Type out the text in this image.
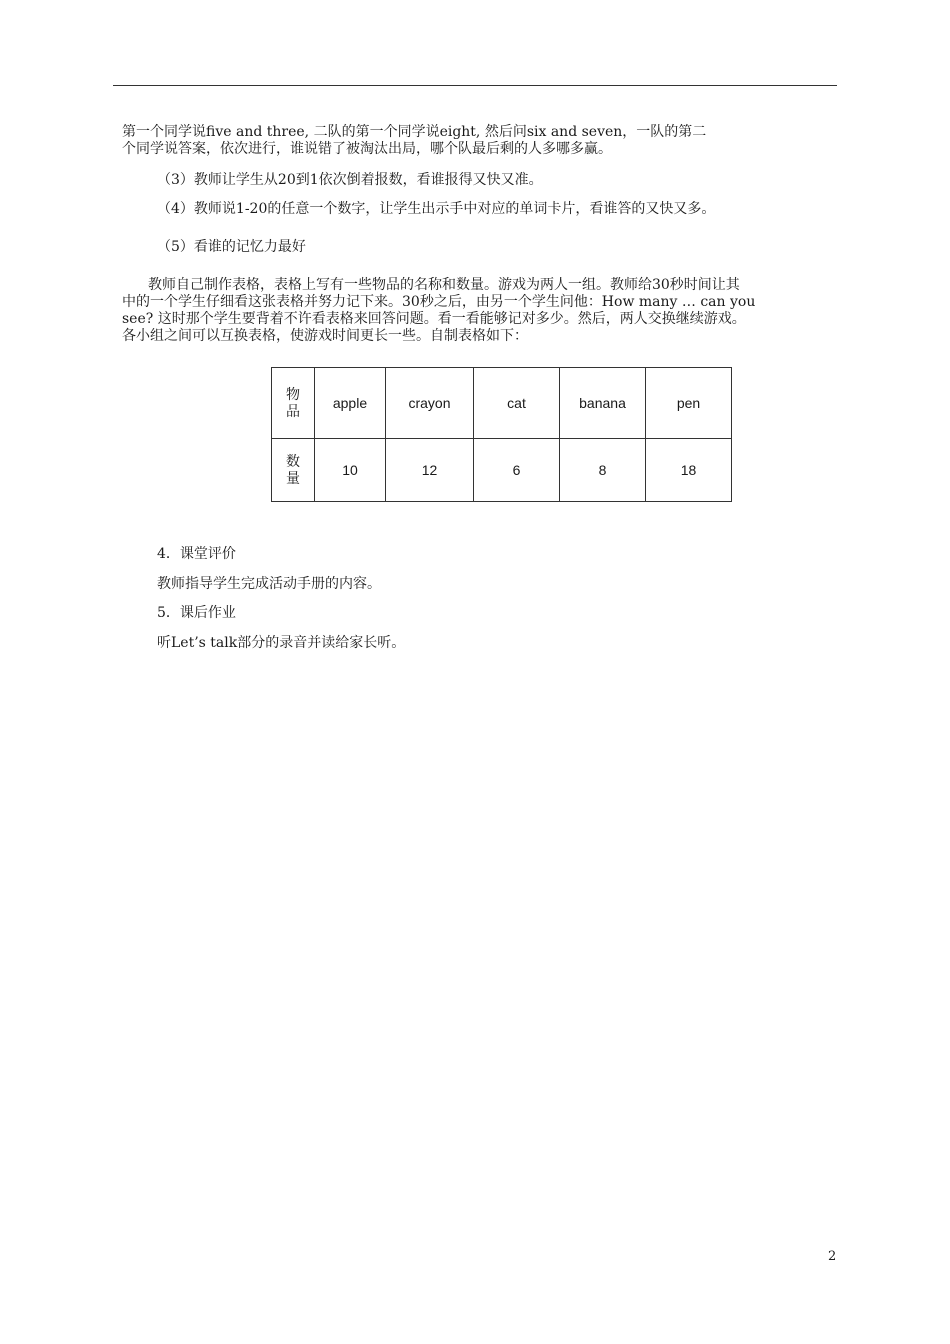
第一个同学说five and three, 二队的第一个同学说eight, 然后问six and seven，一队的第二

个同学说答案，依次进行，谁说错了被淘汰出局，哪个队最后剩的人多哪多赢。

（3）教师让学生从20到1依次倒着报数，看谁报得又快又准。

（4）教师说1-20的任意一个数字，让学生出示手中对应的单词卡片，看谁答的又快又多。

（5）看谁的记忆力最好

教师自己制作表格，表格上写有一些物品的名称和数量。游戏为两人一组。教师给30秒时间让其

中的一个学生仔细看这张表格并努力记下来。30秒之后，由另一个学生问他：How many … can you

see? 这时那个学生要背着不许看表格来回答问题。看一看能够记对多少。然后，两人交换继续游戏。

各小组之间可以互换表格，使游戏时间更长一些。自制表格如下：

物品	apple	crayon	cat	banana	pen
数量	10	12	6	8	18

4．课堂评价

教师指导学生完成活动手册的内容。

5．课后作业

听Let’s talk部分的录音并读给家长听。

2
